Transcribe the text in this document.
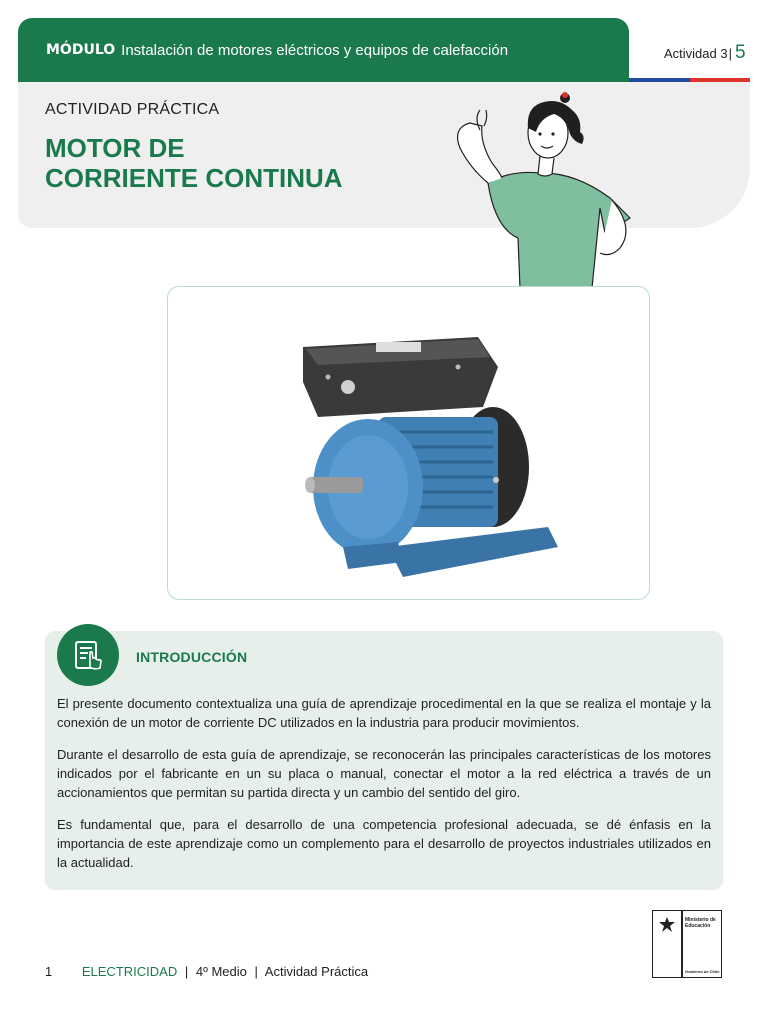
MÓDULO Instalación de motores eléctricos y equipos de calefacción	Actividad 3| 5
ACTIVIDAD PRÁCTICA
MOTOR DE
CORRIENTE CONTINUA
INTRODUCCIÓN

El presente documento contextualiza una guía de aprendizaje procedimental en la que se realiza el montaje y la conexión de un motor de corriente DC utilizados en la industria para producir movimientos.

Durante el desarrollo de esta guía de aprendizaje, se reconocerán las principales características de los motores indicados por el fabricante en un su placa o manual, conectar el motor a la red eléctrica a través de un accionamientos que permitan su partida directa y un cambio del sentido del giro.

Es fundamental que, para el desarrollo de una competencia profesional adecuada, se dé énfasis en la importancia de este aprendizaje como un complemento para el desarrollo de proyectos industriales utilizados en la actualidad.

1 ELECTRICIDAD | 4º Medio | Actividad Práctica
Ministerio de Educación
Gobierno de Chile
